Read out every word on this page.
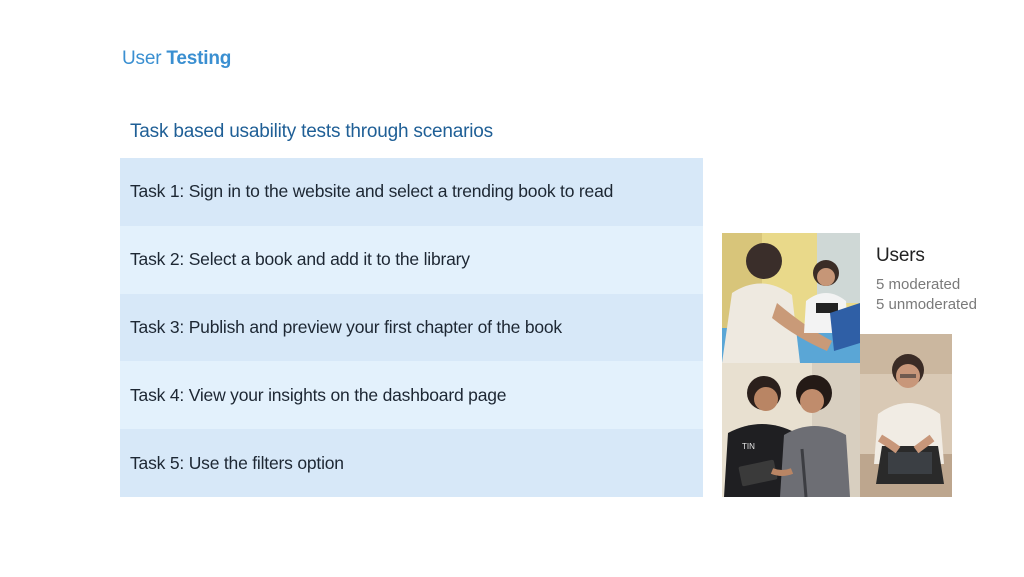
User Testing
Task based usability tests through scenarios
Task 1: Sign in to the website and select a trending book to read
Task 2: Select a book and add it to the library
Task 3: Publish and preview your first chapter of the book
Task 4: View your insights on the dashboard page
Task 5: Use the filters option
TIN
Users
5 moderated
5 unmoderated
